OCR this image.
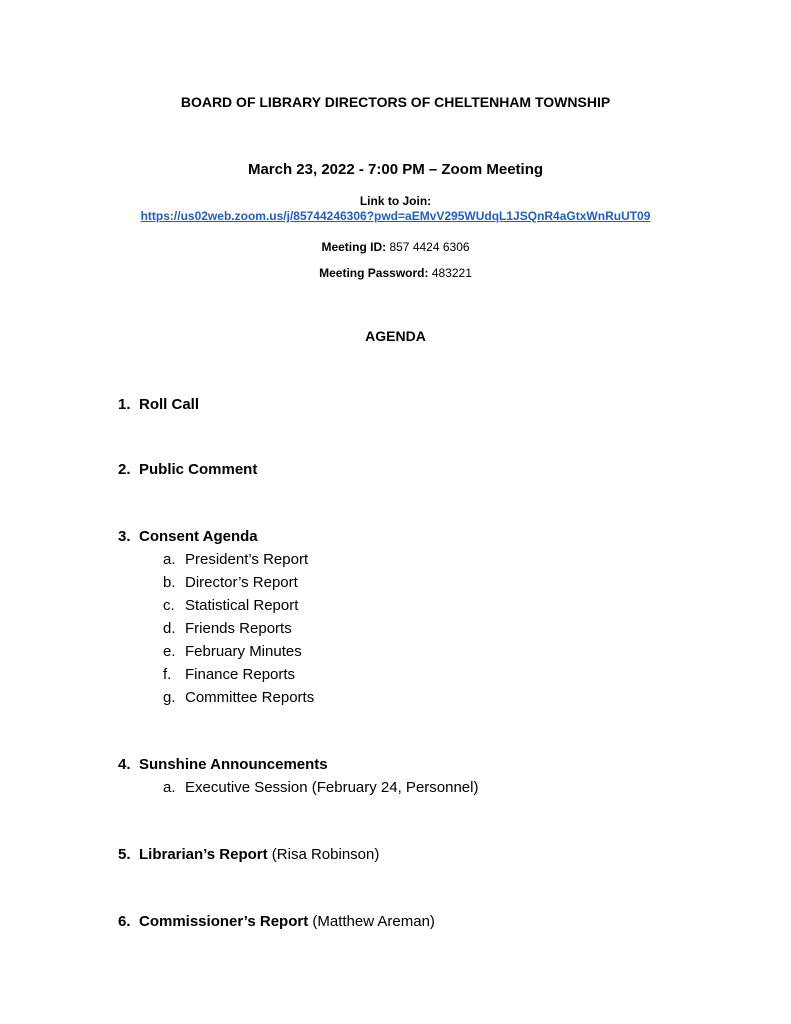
BOARD OF LIBRARY DIRECTORS OF CHELTENHAM TOWNSHIP
March 23, 2022 - 7:00 PM – Zoom Meeting
Link to Join:
https://us02web.zoom.us/j/85744246306?pwd=aEMvV295WUdqL1JSQnR4aGtxWnRuUT09
Meeting ID: 857 4424 6306
Meeting Password: 483221
AGENDA
1. Roll Call
2. Public Comment
3. Consent Agenda
a. President’s Report
b. Director’s Report
c. Statistical Report
d. Friends Reports
e. February Minutes
f. Finance Reports
g. Committee Reports
4. Sunshine Announcements
a. Executive Session (February 24, Personnel)
5. Librarian’s Report (Risa Robinson)
6. Commissioner’s Report (Matthew Areman)
